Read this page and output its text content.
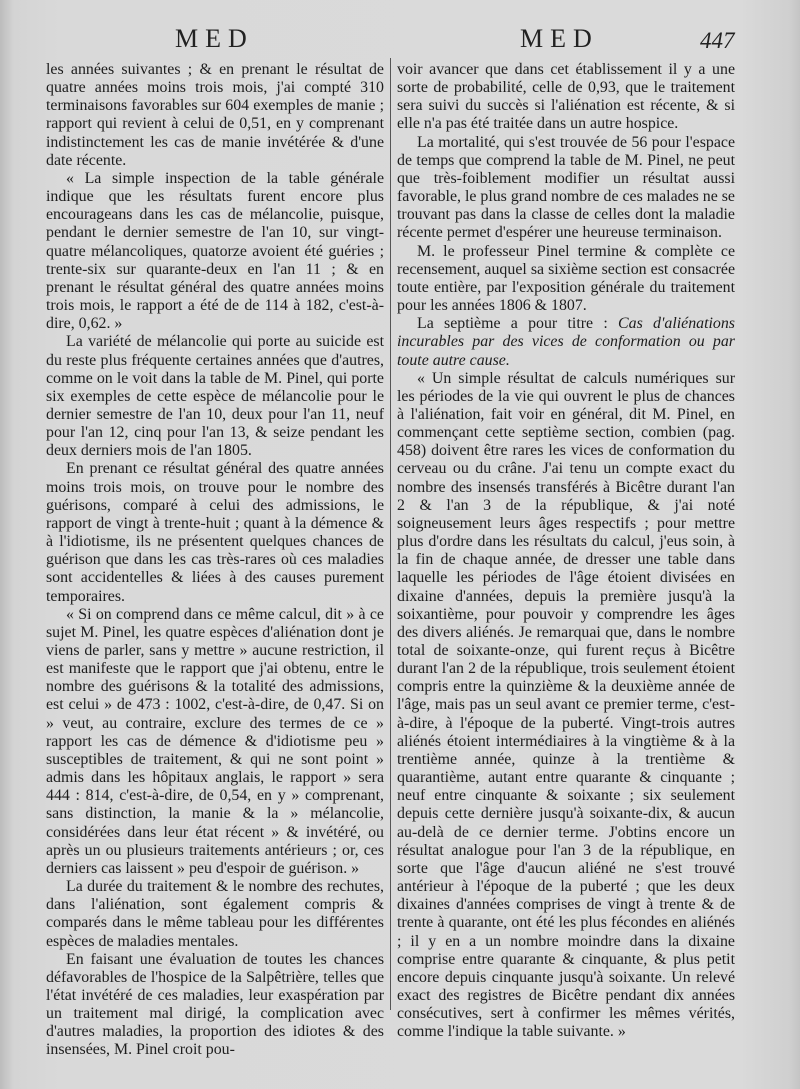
MED	MED	447

les années suivantes ; & en prenant le résultat de quatre années moins trois mois, j'ai compté 310 terminaisons favorables sur 604 exemples de manie ; rapport qui revient à celui de 0,51, en y comprenant indistinctement les cas de manie invétérée & d'une date récente.

« La simple inspection de la table générale indique que les résultats furent encore plus encourageans dans les cas de mélancolie, puisque, pendant le dernier semestre de l'an 10, sur vingt-quatre mélancoliques, quatorze avoient été guéries ; trente-six sur quarante-deux en l'an 11 ; & en prenant le résultat général des quatre années moins trois mois, le rapport a été de de 114 à 182, c'est-à-dire, 0,62. »

La variété de mélancolie qui porte au suicide est du reste plus fréquente certaines années que d'autres, comme on le voit dans la table de M. Pinel, qui porte six exemples de cette espèce de mélancolie pour le dernier semestre de l'an 10, deux pour l'an 11, neuf pour l'an 12, cinq pour l'an 13, & seize pendant les deux derniers mois de l'an 1805.

En prenant ce résultat général des quatre années moins trois mois, on trouve pour le nombre des guérisons, comparé à celui des admissions, le rapport de vingt à trente-huit ; quant à la démence & à l'idiotisme, ils ne présentent quelques chances de guérison que dans les cas très-rares où ces maladies sont accidentelles & liées à des causes purement temporaires.

« Si on comprend dans ce même calcul, dit » à ce sujet M. Pinel, les quatre espèces d'aliénation dont je viens de parler, sans y mettre » aucune restriction, il est manifeste que le rapport que j'ai obtenu, entre le nombre des guérisons & la totalité des admissions, est celui » de 473 : 1002, c'est-à-dire, de 0,47. Si on » veut, au contraire, exclure des termes de ce » rapport les cas de démence & d'idiotisme peu » susceptibles de traitement, & qui ne sont point » admis dans les hôpitaux anglais, le rapport » sera 444 : 814, c'est-à-dire, de 0,54, en y » comprenant, sans distinction, la manie & la » mélancolie, considérées dans leur état récent » & invétéré, ou après un ou plusieurs traitements antérieurs ; or, ces derniers cas laissent » peu d'espoir de guérison. »

La durée du traitement & le nombre des rechutes, dans l'aliénation, sont également compris & comparés dans le même tableau pour les différentes espèces de maladies mentales.

En faisant une évaluation de toutes les chances défavorables de l'hospice de la Salpêtrière, telles que l'état invétéré de ces maladies, leur exaspération par un traitement mal dirigé, la complication avec d'autres maladies, la proportion des idiotes & des insensées, M. Pinel croit pou-

voir avancer que dans cet établissement il y a une sorte de probabilité, celle de 0,93, que le traitement sera suivi du succès si l'aliénation est récente, & si elle n'a pas été traitée dans un autre hospice.

La mortalité, qui s'est trouvée de 56 pour l'espace de temps que comprend la table de M. Pinel, ne peut que très-foiblement modifier un résultat aussi favorable, le plus grand nombre de ces malades ne se trouvant pas dans la classe de celles dont la maladie récente permet d'espérer une heureuse terminaison.

M. le professeur Pinel termine & complète ce recensement, auquel sa sixième section est consacrée toute entière, par l'exposition générale du traitement pour les années 1806 & 1807.

La septième a pour titre : Cas d'aliénations incurables par des vices de conformation ou par toute autre cause.

« Un simple résultat de calculs numériques sur les périodes de la vie qui ouvrent le plus de chances à l'aliénation, fait voir en général, dit M. Pinel, en commençant cette septième section, combien (pag. 458) doivent être rares les vices de conformation du cerveau ou du crâne. J'ai tenu un compte exact du nombre des insensés transférés à Bicêtre durant l'an 2 & l'an 3 de la république, & j'ai noté soigneusement leurs âges respectifs ; pour mettre plus d'ordre dans les résultats du calcul, j'eus soin, à la fin de chaque année, de dresser une table dans laquelle les périodes de l'âge étoient divisées en dixaine d'années, depuis la première jusqu'à la soixantième, pour pouvoir y comprendre les âges des divers aliénés. Je remarquai que, dans le nombre total de soixante-onze, qui furent reçus à Bicêtre durant l'an 2 de la république, trois seulement étoient compris entre la quinzième & la deuxième année de l'âge, mais pas un seul avant ce premier terme, c'est-à-dire, à l'époque de la puberté. Vingt-trois autres aliénés étoient intermédiaires à la vingtième & à la trentième année, quinze à la trentième & quarantième, autant entre quarante & cinquante ; neuf entre cinquante & soixante ; six seulement depuis cette dernière jusqu'à soixante-dix, & aucun au-delà de ce dernier terme. J'obtins encore un résultat analogue pour l'an 3 de la république, en sorte que l'âge d'aucun aliéné ne s'est trouvé antérieur à l'époque de la puberté ; que les deux dixaines d'années comprises de vingt à trente & de trente à quarante, ont été les plus fécondes en aliénés ; il y en a un nombre moindre dans la dixaine comprise entre quarante & cinquante, & plus petit encore depuis cinquante jusqu'à soixante. Un relevé exact des registres de Bicêtre pendant dix années consécutives, sert à confirmer les mêmes vérités, comme l'indique la table suivante. »
